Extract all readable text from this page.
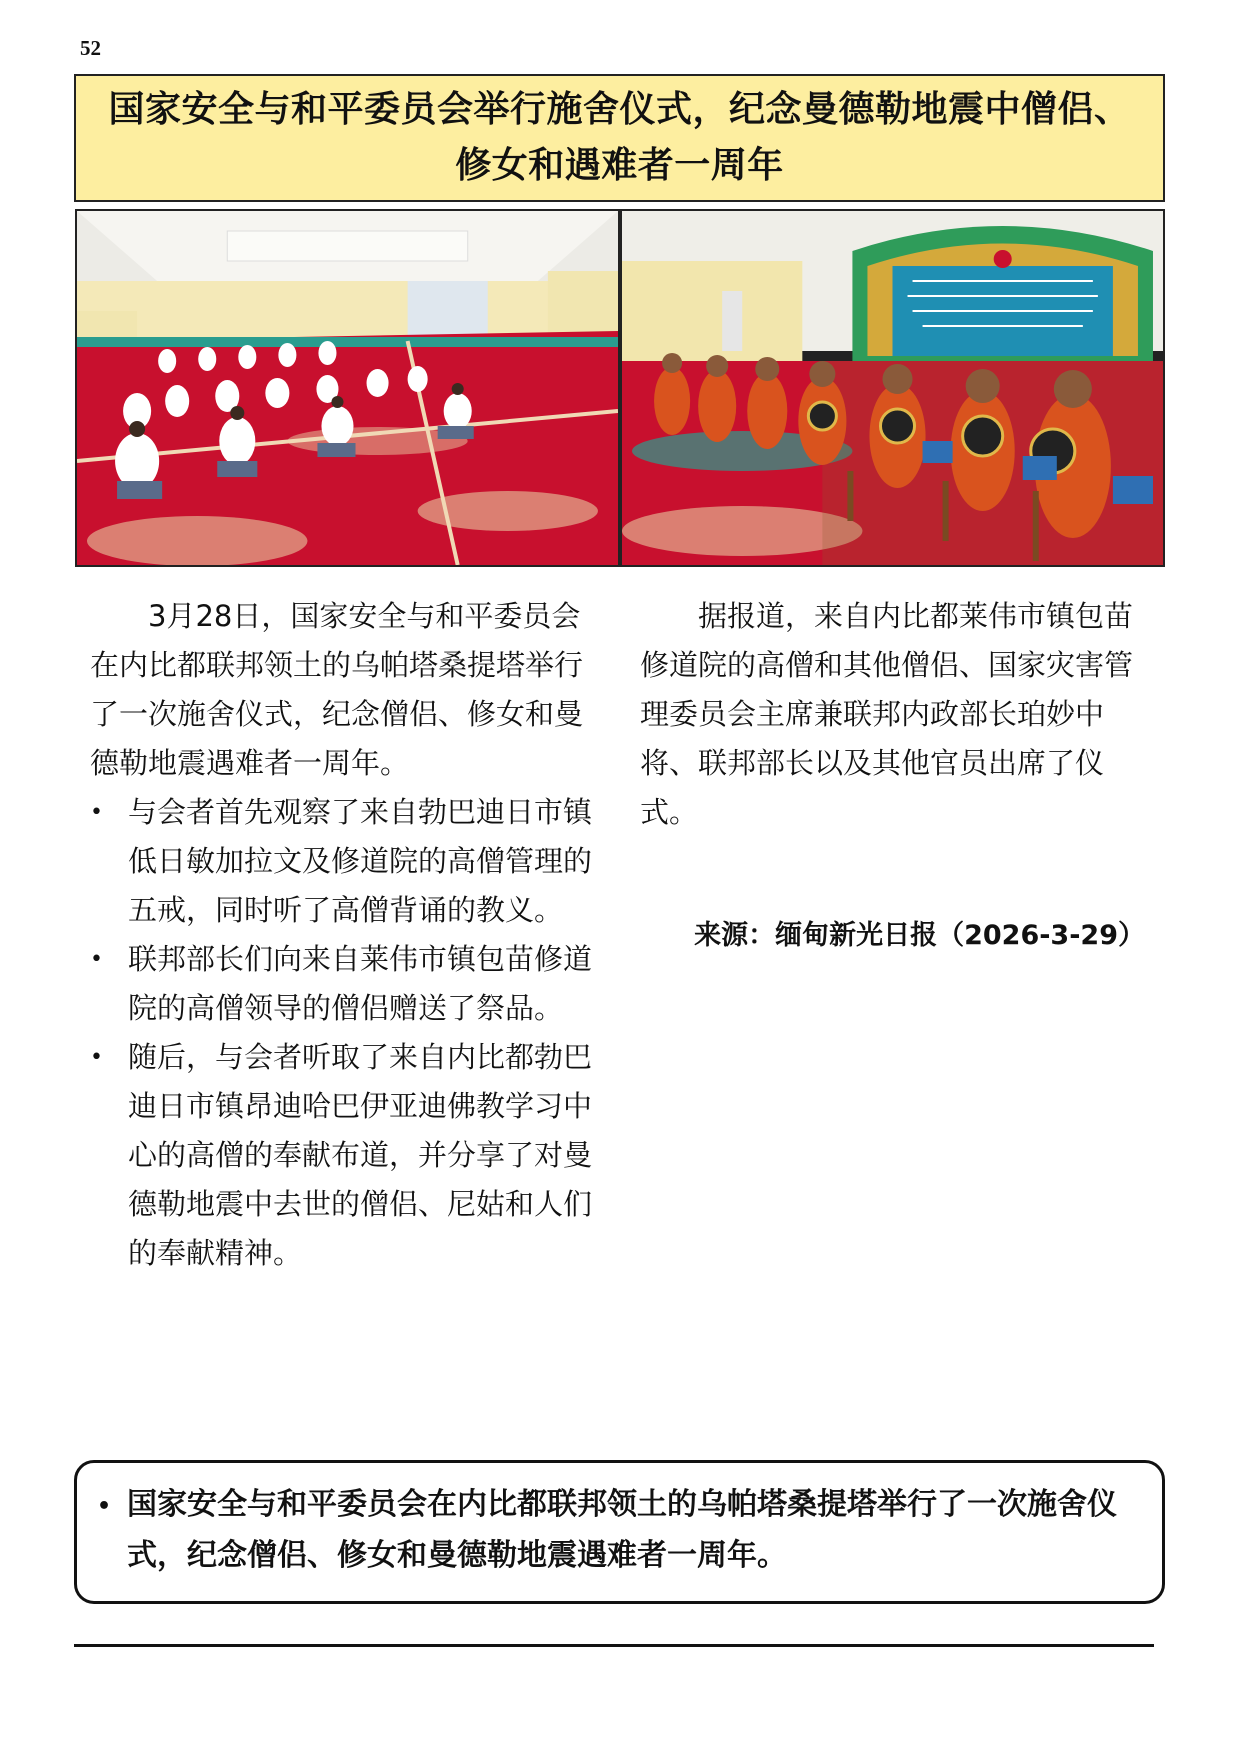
52
国家安全与和平委员会举行施舍仪式，纪念曼德勒地震中僧侣、
修女和遇难者一周年

3月28日，国家安全与和平委员会在内比都联邦领土的乌帕塔桑提塔举行了一次施舍仪式，纪念僧侣、修女和曼德勒地震遇难者一周年。

• 与会者首先观察了来自勃巴迪日市镇低日敏加拉文及修道院的高僧管理的五戒，同时听了高僧背诵的教义。
• 联邦部长们向来自莱伟市镇包苗修道院的高僧领导的僧侣赠送了祭品。
• 随后，与会者听取了来自内比都勃巴迪日市镇昂迪哈巴伊亚迪佛教学习中心的高僧的奉献布道，并分享了对曼德勒地震中去世的僧侣、尼姑和人们的奉献精神。

据报道，来自内比都莱伟市镇包苗修道院的高僧和其他僧侣、国家灾害管理委员会主席兼联邦内政部长珀妙中将、联邦部长以及其他官员出席了仪式。

来源：缅甸新光日报（2026-3-29）
• 国家安全与和平委员会在内比都联邦领土的乌帕塔桑提塔举行了一次施舍仪式，纪念僧侣、修女和曼德勒地震遇难者一周年。
